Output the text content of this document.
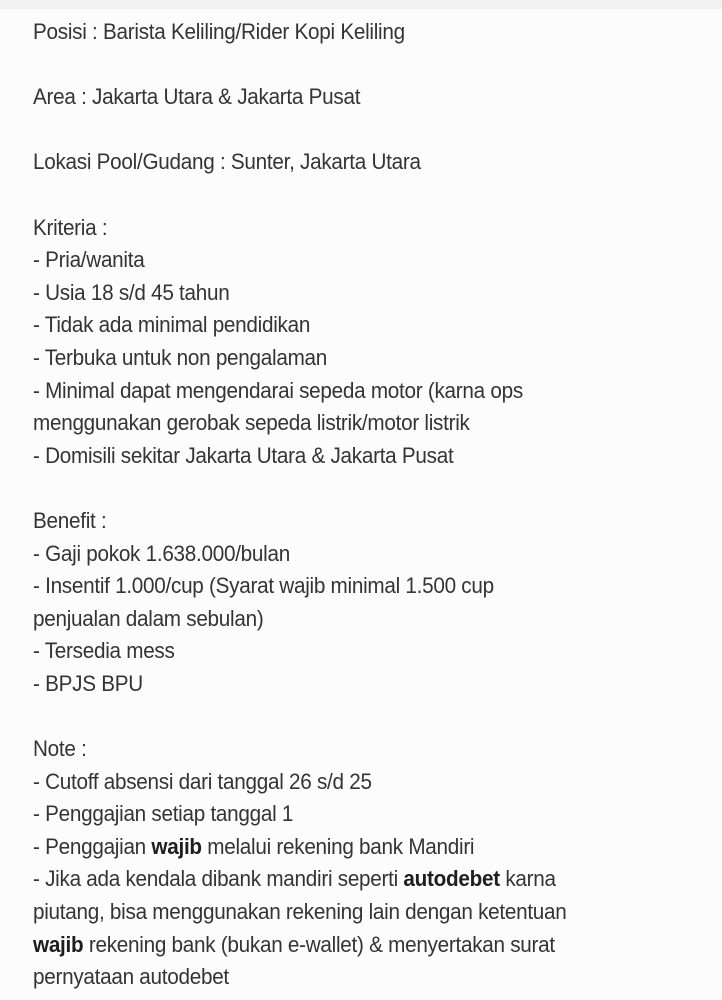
Posisi : Barista Keliling/Rider Kopi Keliling
Area : Jakarta Utara & Jakarta Pusat
Lokasi Pool/Gudang : Sunter, Jakarta Utara
Kriteria :
- Pria/wanita
- Usia 18 s/d 45 tahun
- Tidak ada minimal pendidikan
- Terbuka untuk non pengalaman
- Minimal dapat mengendarai sepeda motor (karna ops
menggunakan gerobak sepeda listrik/motor listrik
- Domisili sekitar Jakarta Utara & Jakarta Pusat
Benefit :
- Gaji pokok 1.638.000/bulan
- Insentif 1.000/cup (Syarat wajib minimal 1.500 cup
penjualan dalam sebulan)
- Tersedia mess
- BPJS BPU
Note :
- Cutoff absensi dari tanggal 26 s/d 25
- Penggajian setiap tanggal 1
- Penggajian wajib melalui rekening bank Mandiri
- Jika ada kendala dibank mandiri seperti autodebet karna
piutang, bisa menggunakan rekening lain dengan ketentuan
wajib rekening bank (bukan e-wallet) & menyertakan surat
pernyataan autodebet
